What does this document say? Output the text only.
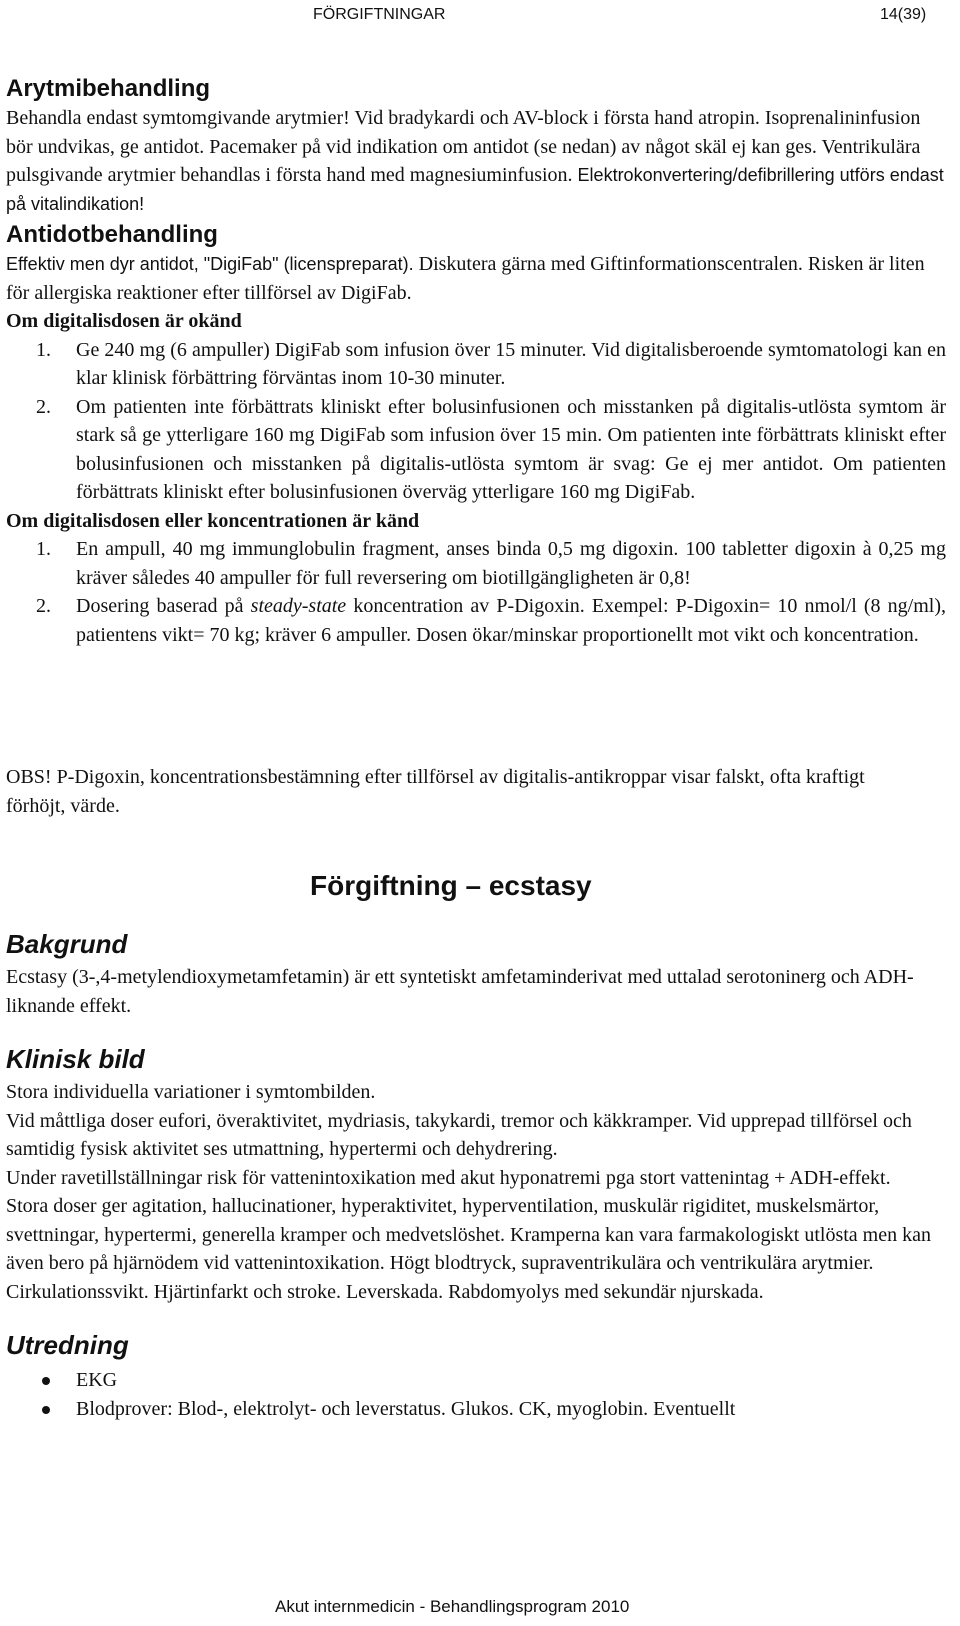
FÖRGIFTNINGAR	14(39)
Arytmibehandling

Behandla endast symtomgivande arytmier! Vid bradykardi och AV-block i första hand atropin. Isoprenalininfusion bör undvikas, ge antidot. Pacemaker på vid indikation om antidot (se nedan) av något skäl ej kan ges. Ventrikulära pulsgivande arytmier behandlas i första hand med magnesiuminfusion. Elektrokonvertering/defibrillering utförs endast på vitalindikation!

Antidotbehandling

Effektiv men dyr antidot, "DigiFab" (licenspreparat). Diskutera gärna med Giftinformationscentralen. Risken är liten för allergiska reaktioner efter tillförsel av DigiFab.

Om digitalisdosen är okänd

1. Ge 240 mg (6 ampuller) DigiFab som infusion över 15 minuter. Vid digitalisberoende symtomatologi kan en klar klinisk förbättring förväntas inom 10-30 minuter.
2. Om patienten inte förbättrats kliniskt efter bolusinfusionen och misstanken på digitalis-utlösta symtom är stark så ge ytterligare 160 mg DigiFab som infusion över 15 min. Om patienten inte förbättrats kliniskt efter bolusinfusionen och misstanken på digitalis-utlösta symtom är svag: Ge ej mer antidot. Om patienten förbättrats kliniskt efter bolusinfusionen överväg ytterligare 160 mg DigiFab.

Om digitalisdosen eller koncentrationen är känd

1. En ampull, 40 mg immunglobulin fragment, anses binda 0,5 mg digoxin. 100 tabletter digoxin à 0,25 mg kräver således 40 ampuller för full reversering om biotillgängligheten är 0,8!
2. Dosering baserad på steady-state koncentration av P-Digoxin. Exempel: P-Digoxin= 10 nmol/l (8 ng/ml), patientens vikt= 70 kg; kräver 6 ampuller. Dosen ökar/minskar proportionellt mot vikt och koncentration.

OBS! P-Digoxin, koncentrationsbestämning efter tillförsel av digitalis-antikroppar visar falskt, ofta kraftigt förhöjt, värde.

Förgiftning – ecstasy
Bakgrund

Ecstasy (3-,4-metylendioxymetamfetamin) är ett syntetiskt amfetaminderivat med uttalad serotoninerg och ADH-liknande effekt.

Klinisk bild

Stora individuella variationer i symtombilden.

Vid måttliga doser eufori, överaktivitet, mydriasis, takykardi, tremor och käkkramper. Vid upprepad tillförsel och samtidig fysisk aktivitet ses utmattning, hypertermi och dehydrering.

Under ravetillställningar risk för vattenintoxikation med akut hyponatremi pga stort vattenintag + ADH-effekt.

Stora doser ger agitation, hallucinationer, hyperaktivitet, hyperventilation, muskulär rigiditet, muskelsmärtor, svettningar, hypertermi, generella kramper och medvetslöshet. Kramperna kan vara farmakologiskt utlösta men kan även bero på hjärnödem vid vattenintoxikation. Högt blodtryck, supraventrikulära och ventrikulära arytmier. Cirkulationssvikt. Hjärtinfarkt och stroke. Leverskada. Rabdomyolys med sekundär njurskada.

Utredning
EKG
Blodprover: Blod-, elektrolyt- och leverstatus. Glukos. CK, myoglobin. Eventuellt
Akut internmedicin - Behandlingsprogram 2010
